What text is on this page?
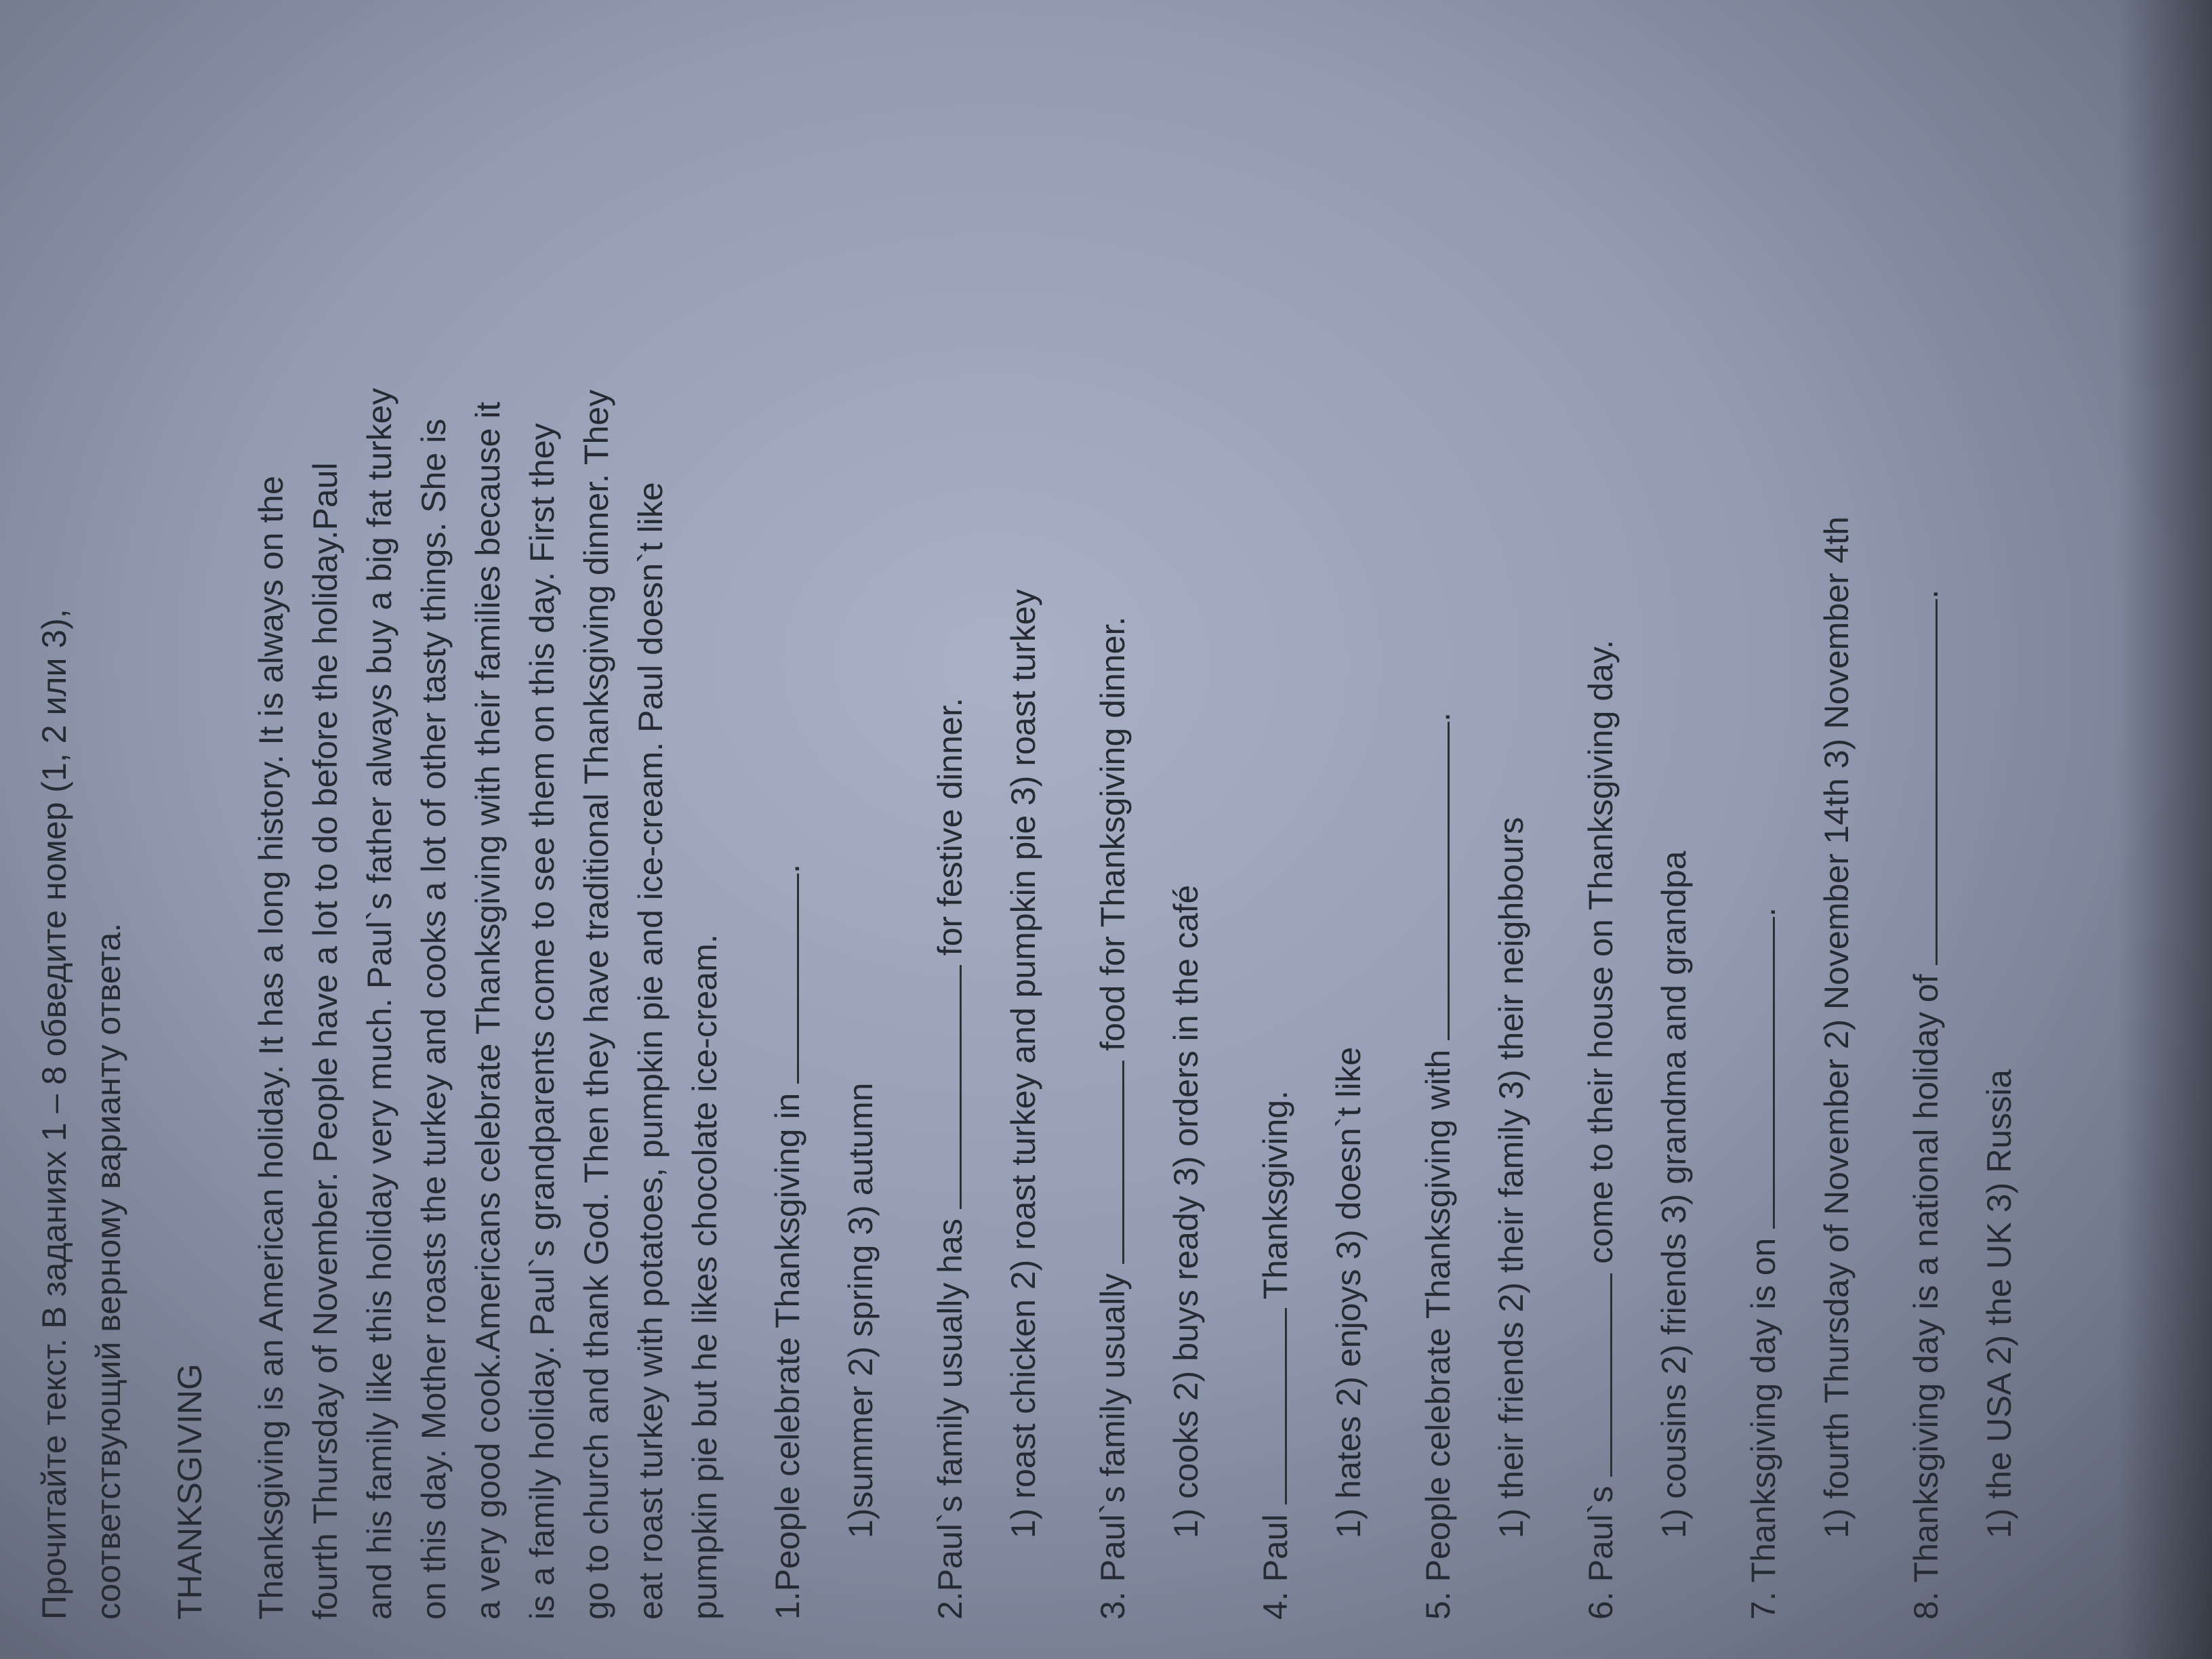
Прочитайте текст. В заданиях 1 – 8 обведите номер (1, 2 или 3), соответствующий верному варианту ответа. THANKSGIVING Thanksgiving is an American holiday. It has a long history. It is always on the fourth Thursday of November. People have a lot to do before the holiday.Paul and his family like this holiday very much. Paul`s father always buy a big fat turkey on this day. Mother roasts the turkey and cooks a lot of other tasty things. She is a very good cook.Americans celebrate Thanksgiving with their families because it is a family holiday. Paul`s grandparents come to see them on this day. First they go to church and thank God. Then they have traditional Thanksgiving dinner. They eat roast turkey with potatoes, pumpkin pie and ice-cream. Paul doesn`t like pumpkin pie but he likes chocolate ice-cream. 1.People celebrate Thanksgiving in .
1)summer 2) spring 3) autumn 2.Paul`s family usually has  for festive dinner. 1) roast chicken 2) roast turkey and pumpkin pie 3) roast turkey 3. Paul`s family usually  food for Thanksgiving dinner.
1) cooks 2) buys ready 3) orders in the café
4. Paul  Thanksgiving. 1) hates 2) enjoys 3) doesn`t like 5. People celebrate Thanksgiving with .
1) their friends 2) their family 3) their neighbours
6. Paul`s  come to their house on Thanksgiving day. 1) cousins 2) friends 3) grandma and grandpa 7. Thanksgiving day is on . 1) fourth Thursday of November 2) November 14th 3) November 4th 8. Thanksgiving day is a national holiday of .
1) the USA 2) the UK 3) Russia
